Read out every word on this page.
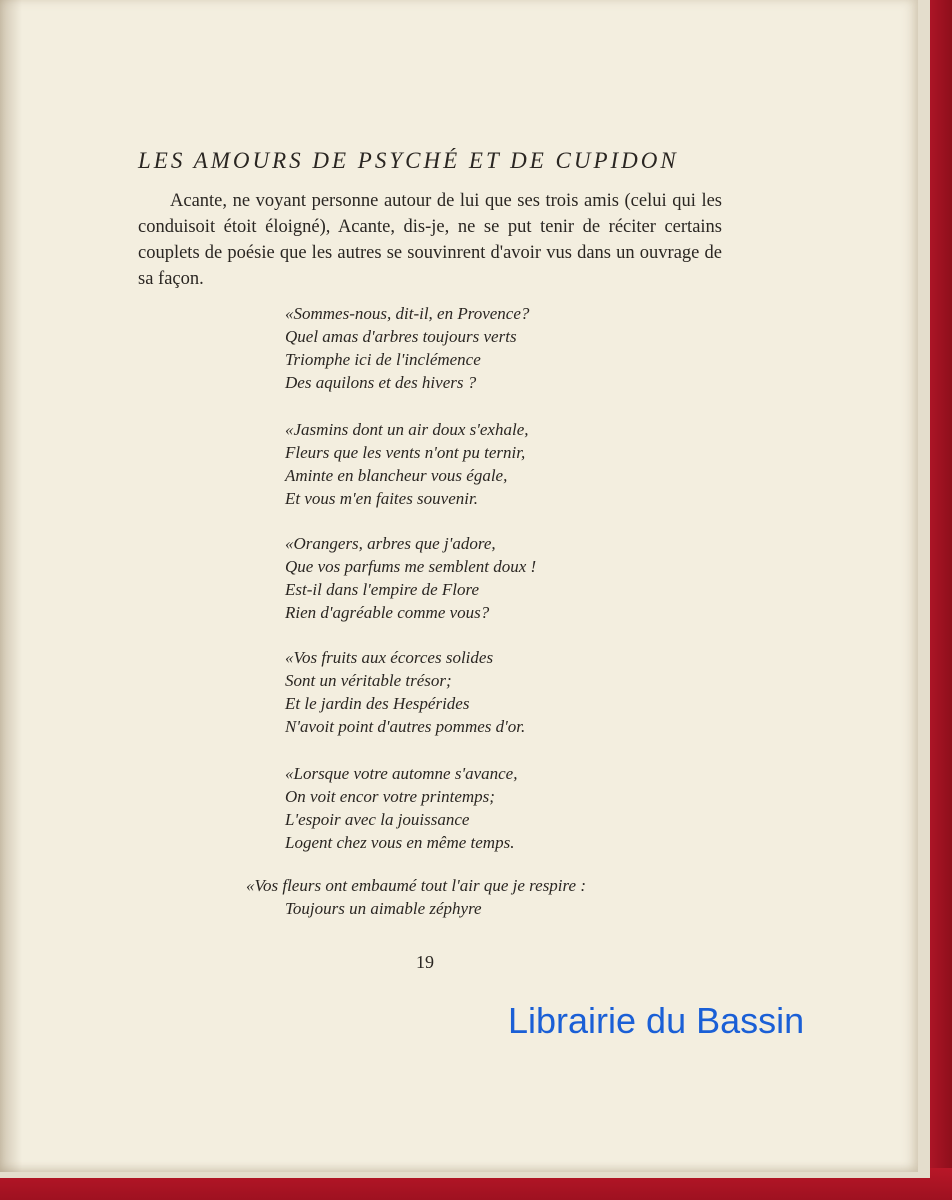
LES AMOURS DE PSYCHÉ ET DE CUPIDON

Acante, ne voyant personne autour de lui que ses trois amis (celui qui les conduisoit étoit éloigné), Acante, dis-je, ne se put tenir de réciter certains couplets de poésie que les autres se souvinrent d'avoir vus dans un ouvrage de sa façon.

«Sommes-nous, dit-il, en Provence?
Quel amas d'arbres toujours verts
Triomphe ici de l'inclémence
Des aquilons et des hivers ?
«Jasmins dont un air doux s'exhale,
Fleurs que les vents n'ont pu ternir,
Aminte en blancheur vous égale,
Et vous m'en faites souvenir.
«Orangers, arbres que j'adore,
Que vos parfums me semblent doux !
Est-il dans l'empire de Flore
Rien d'agréable comme vous?
«Vos fruits aux écorces solides
Sont un véritable trésor;
Et le jardin des Hespérides
N'avoit point d'autres pommes d'or.
«Lorsque votre automne s'avance,
On voit encor votre printemps;
L'espoir avec la jouissance
Logent chez vous en même temps.
«Vos fleurs ont embaumé tout l'air que je respire :
Toujours un aimable zéphyre
19
Librairie du Bassin
